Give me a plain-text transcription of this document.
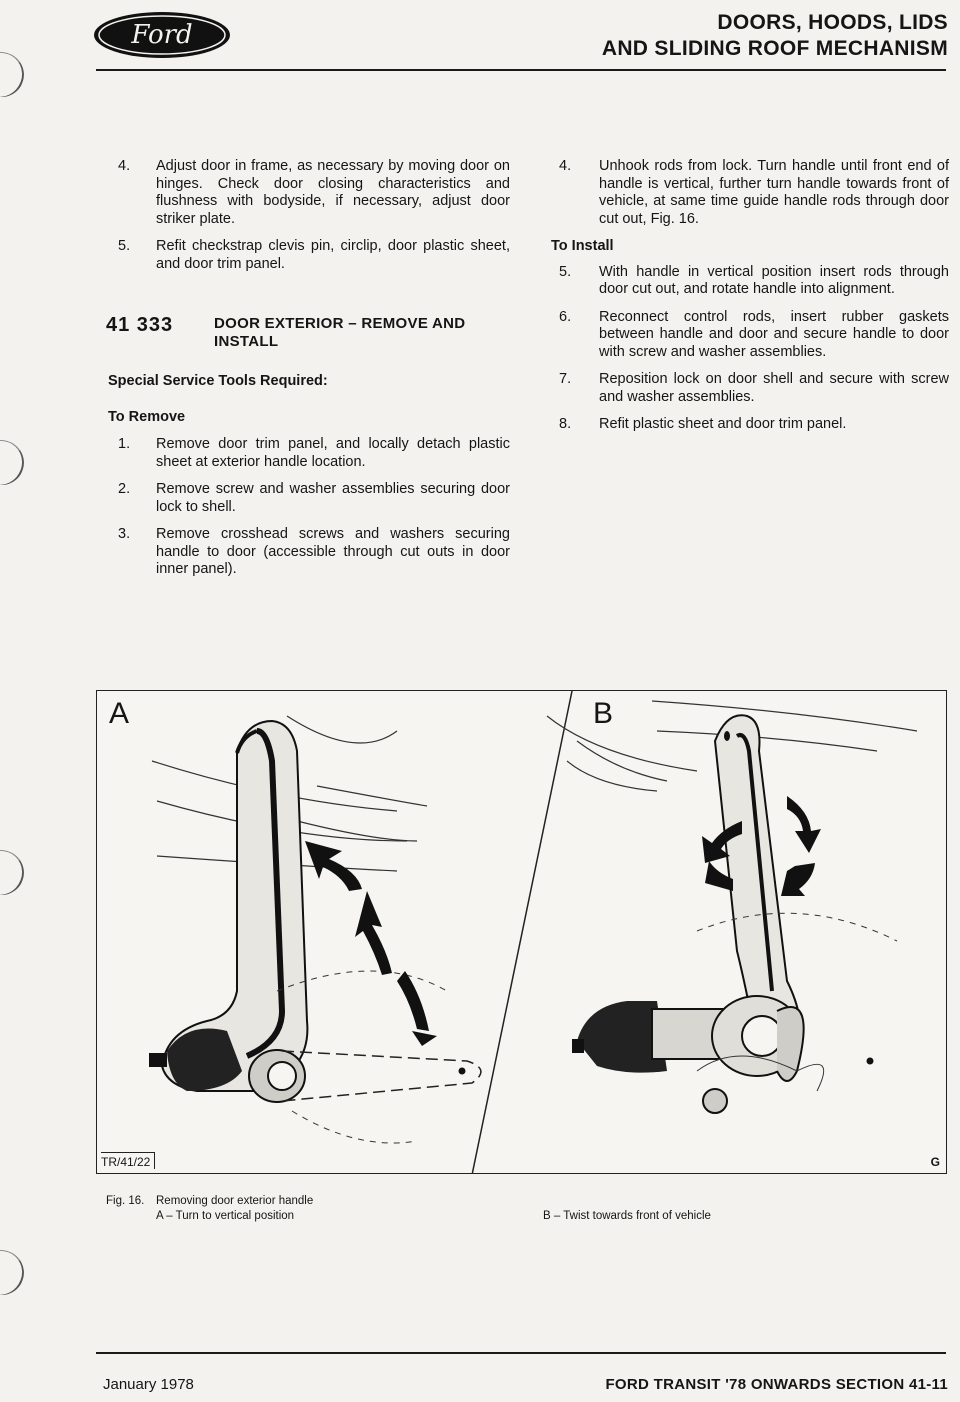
Ford	DOORS, HOODS, LIDS
AND SLIDING ROOF MECHANISM
4.	Adjust door in frame, as necessary by moving door on hinges. Check door closing characteristics and flushness with bodyside, if necessary, adjust door striker plate.
5.	Refit checkstrap clevis pin, circlip, door plastic sheet, and door trim panel.
41 333	DOOR EXTERIOR – REMOVE AND INSTALL
Special Service Tools Required:
To Remove
1.	Remove door trim panel, and locally detach plastic sheet at exterior handle location.
2.	Remove screw and washer assemblies securing door lock to shell.
3.	Remove crosshead screws and washers securing handle to door (accessible through cut outs in door inner panel).
4.	Unhook rods from lock. Turn handle until front end of handle is vertical, further turn handle towards front of vehicle, at same time guide handle rods through door cut out, Fig. 16.
To Install
5.	With handle in vertical position insert rods through door cut out, and rotate handle into alignment.
6.	Reconnect control rods, insert rubber gaskets between handle and door and secure handle to door with screw and washer assemblies.
7.	Reposition lock on door shell and secure with screw and washer assemblies.
8.	Refit plastic sheet and door trim panel.
A	B
TR/41/22	G
Fig. 16.	Removing door exterior handle
A – Turn to vertical position	B – Twist towards front of vehicle
January 1978	FORD TRANSIT '78 ONWARDS SECTION 41-11
